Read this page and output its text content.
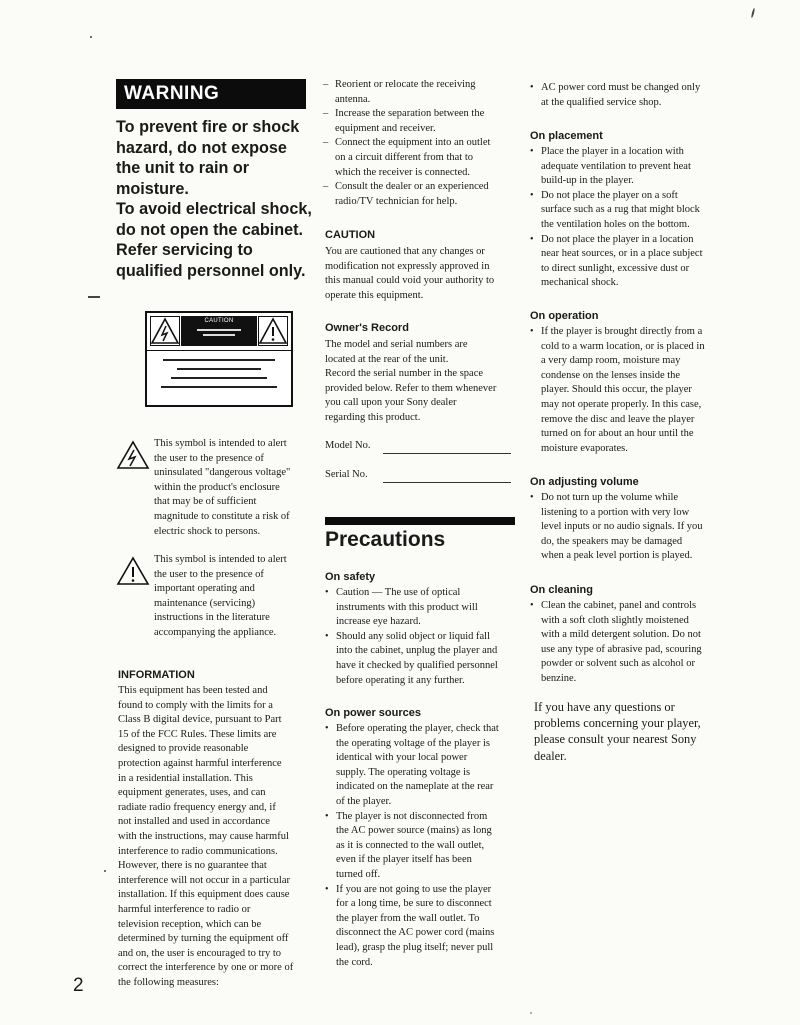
WARNING
To prevent fire or shock
hazard, do not expose
the unit to rain or
moisture.
To avoid electrical shock,
do not open the cabinet.
Refer servicing to
qualified personnel only.
CAUTION
This symbol is intended to alert
the user to the presence of
uninsulated "dangerous voltage"
within the product's enclosure
that may be of sufficient
magnitude to constitute a risk of
electric shock to persons.
This symbol is intended to alert
the user to the presence of
important operating and
maintenance (servicing)
instructions in the literature
accompanying the appliance.
INFORMATION
This equipment has been tested and
found to comply with the limits for a
Class B digital device, pursuant to Part
15 of the FCC Rules. These limits are
designed to provide reasonable
protection against harmful interference
in a residential installation. This
equipment generates, uses, and can
radiate radio frequency energy and, if
not installed and used in accordance
with the instructions, may cause harmful
interference to radio communications.
However, there is no guarantee that
interference will not occur in a particular
installation. If this equipment does cause
harmful interference to radio or
television reception, which can be
determined by turning the equipment off
and on, the user is encouraged to try to
correct the interference by one or more of
the following measures:
– Reorient or relocate the receiving
antenna.
– Increase the separation between the
equipment and receiver.
– Connect the equipment into an outlet
on a circuit different from that to
which the receiver is connected.
– Consult the dealer or an experienced
radio/TV technician for help.
CAUTION
You are cautioned that any changes or
modification not expressly approved in
this manual could void your authority to
operate this equipment.
Owner's Record
The model and serial numbers are
located at the rear of the unit.
Record the serial number in the space
provided below. Refer to them whenever
you call upon your Sony dealer
regarding this product.
Model No.
Serial No.
Precautions
On safety
• Caution — The use of optical
instruments with this product will
increase eye hazard.
• Should any solid object or liquid fall
into the cabinet, unplug the player and
have it checked by qualified personnel
before operating it any further.
On power sources
• Before operating the player, check that
the operating voltage of the player is
identical with your local power
supply. The operating voltage is
indicated on the nameplate at the rear
of the player.
• The player is not disconnected from
the AC power source (mains) as long
as it is connected to the wall outlet,
even if the player itself has been
turned off.
• If you are not going to use the player
for a long time, be sure to disconnect
the player from the wall outlet. To
disconnect the AC power cord (mains
lead), grasp the plug itself; never pull
the cord.
• AC power cord must be changed only
at the qualified service shop.
On placement
• Place the player in a location with
adequate ventilation to prevent heat
build-up in the player.
• Do not place the player on a soft
surface such as a rug that might block
the ventilation holes on the bottom.
• Do not place the player in a location
near heat sources, or in a place subject
to direct sunlight, excessive dust or
mechanical shock.
On operation
• If the player is brought directly from a
cold to a warm location, or is placed in
a very damp room, moisture may
condense on the lenses inside the
player. Should this occur, the player
may not operate properly. In this case,
remove the disc and leave the player
turned on for about an hour until the
moisture evaporates.
On adjusting volume
• Do not turn up the volume while
listening to a portion with very low
level inputs or no audio signals. If you
do, the speakers may be damaged
when a peak level portion is played.
On cleaning
• Clean the cabinet, panel and controls
with a soft cloth slightly moistened
with a mild detergent solution. Do not
use any type of abrasive pad, scouring
powder or solvent such as alcohol or
benzine.
If you have any questions or
problems concerning your player,
please consult your nearest Sony
dealer.
2
